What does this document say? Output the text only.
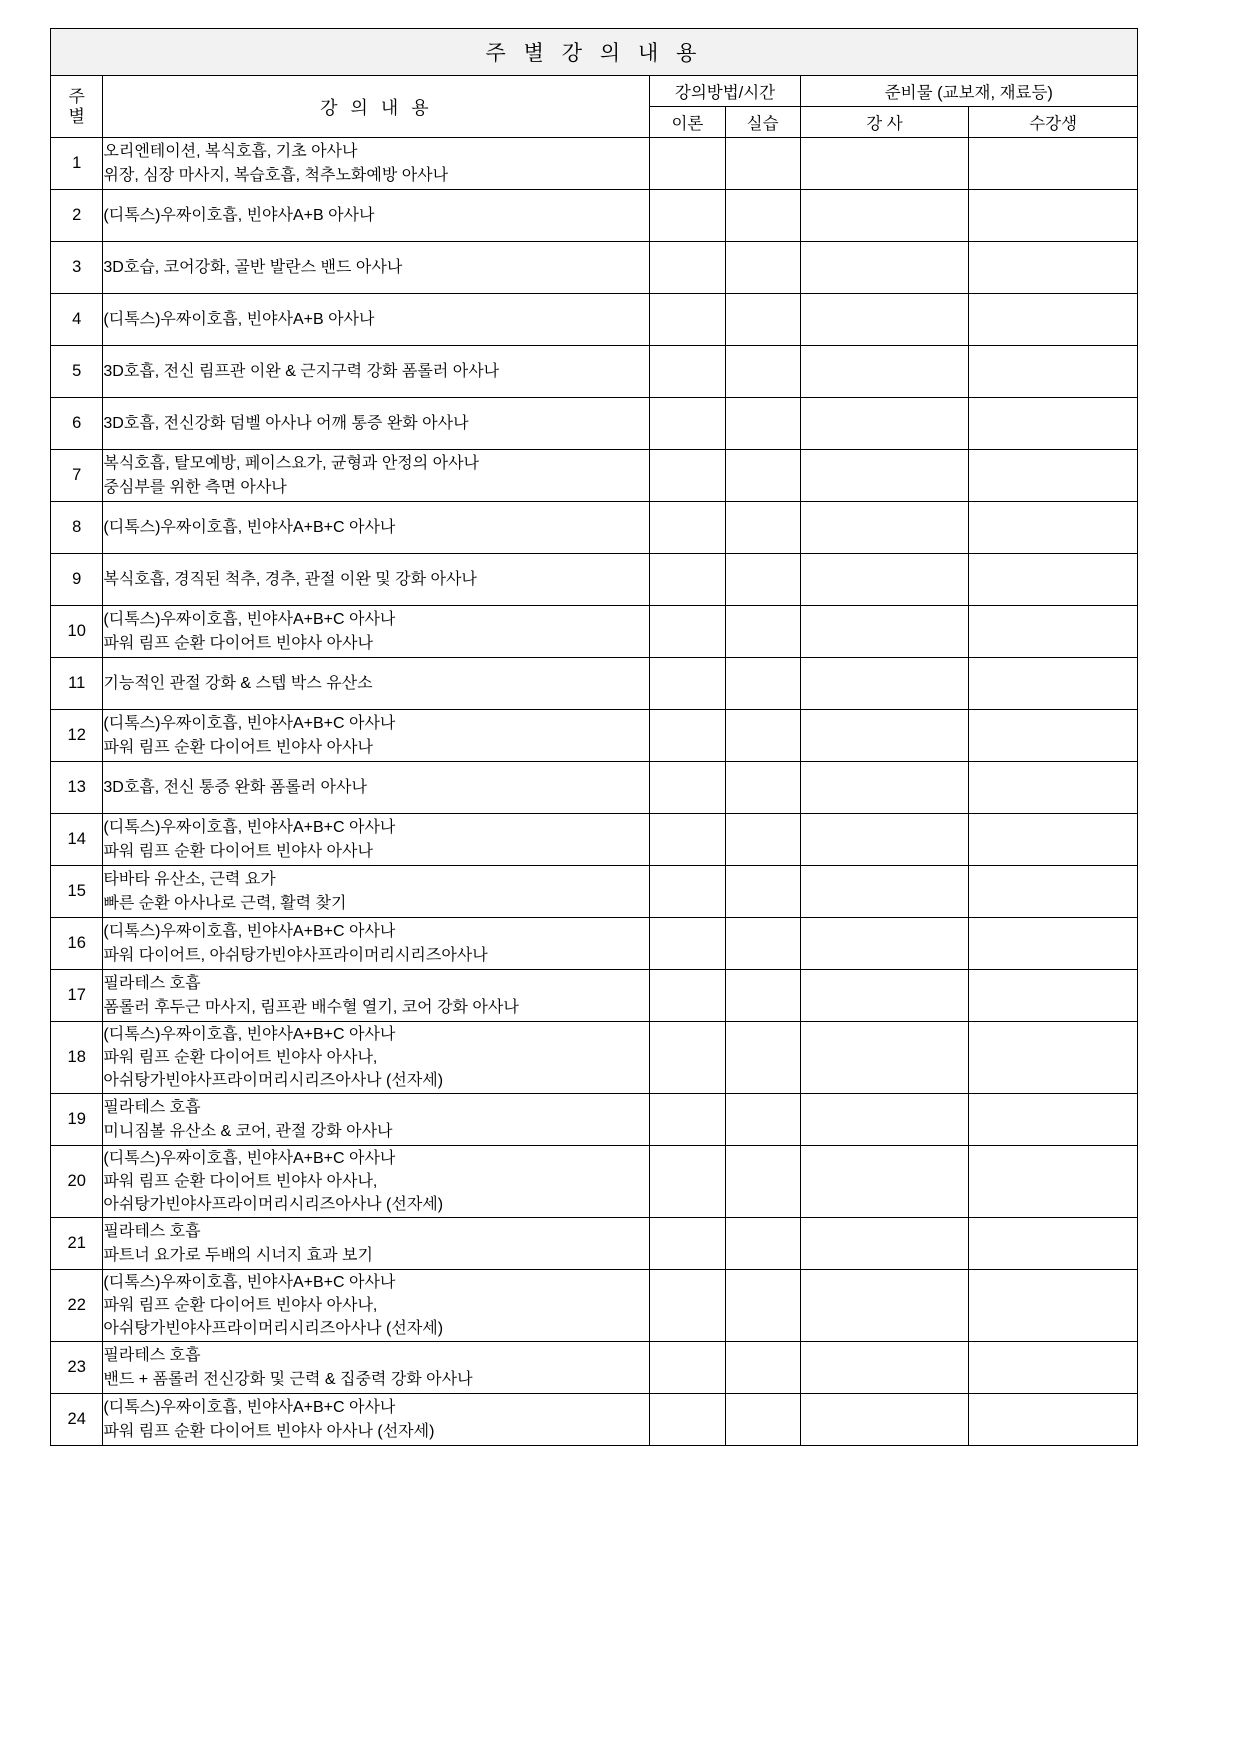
주 별 강 의 내 용					

주
별	강 의 내 용	강의방법/시간		준비물 (교보재, 재료등)	
		이론	실습	강 사	수강생
1	오리엔테이션, 복식호흡, 기초 아사나
위장, 심장 마사지, 복습호흡, 척추노화예방 아사나				

2	(디톡스)우짜이호흡, 빈야사A+B 아사나				

3	3D호습, 코어강화, 골반 발란스 밴드 아사나				

4	(디톡스)우짜이호흡, 빈야사A+B 아사나				

5	3D호흡, 전신 림프관 이완 & 근지구력 강화 폼롤러 아사나				

6	3D호흡, 전신강화 덤벨 아사나 어깨 통증 완화 아사나				

7	복식호흡, 탈모예방, 페이스요가, 균형과 안정의 아사나
중심부를 위한 측면 아사나				

8	(디톡스)우짜이호흡, 빈야사A+B+C 아사나				

9	복식호흡, 경직된 척추, 경추, 관절 이완 및 강화 아사나				

10	(디톡스)우짜이호흡, 빈야사A+B+C 아사나
파워 림프 순환 다이어트 빈야사 아사나				

11	기능적인 관절 강화 & 스텝 박스 유산소				

12	(디톡스)우짜이호흡, 빈야사A+B+C 아사나
파워 림프 순환 다이어트 빈야사 아사나				

13	3D호흡, 전신 통증 완화 폼롤러 아사나				

14	(디톡스)우짜이호흡, 빈야사A+B+C 아사나
파워 림프 순환 다이어트 빈야사 아사나				

15	타바타 유산소, 근력 요가
빠른 순환 아사나로 근력, 활력 찾기				

16	(디톡스)우짜이호흡, 빈야사A+B+C 아사나
파워 다이어트, 아쉬탕가빈야사프라이머리시리즈아사나				

17	필라테스 호흡
폼롤러 후두근 마사지, 림프관 배수혈 열기, 코어 강화 아사나				

18	(디톡스)우짜이호흡, 빈야사A+B+C 아사나
파워 림프 순환 다이어트 빈야사 아사나,
아쉬탕가빈야사프라이머리시리즈아사나 (선자세)				

19	필라테스 호흡
미니짐볼 유산소 & 코어, 관절 강화 아사나				

20	(디톡스)우짜이호흡, 빈야사A+B+C 아사나
파워 림프 순환 다이어트 빈야사 아사나,
아쉬탕가빈야사프라이머리시리즈아사나 (선자세)				

21	필라테스 호흡
파트너 요가로 두배의 시너지 효과 보기				

22	(디톡스)우짜이호흡, 빈야사A+B+C 아사나
파워 림프 순환 다이어트 빈야사 아사나,
아쉬탕가빈야사프라이머리시리즈아사나 (선자세)				

23	필라테스 호흡
밴드 + 폼롤러 전신강화 및 근력 & 집중력 강화 아사나				

24	(디톡스)우짜이호흡, 빈야사A+B+C 아사나
파워 림프 순환 다이어트 빈야사 아사나 (선자세)				
